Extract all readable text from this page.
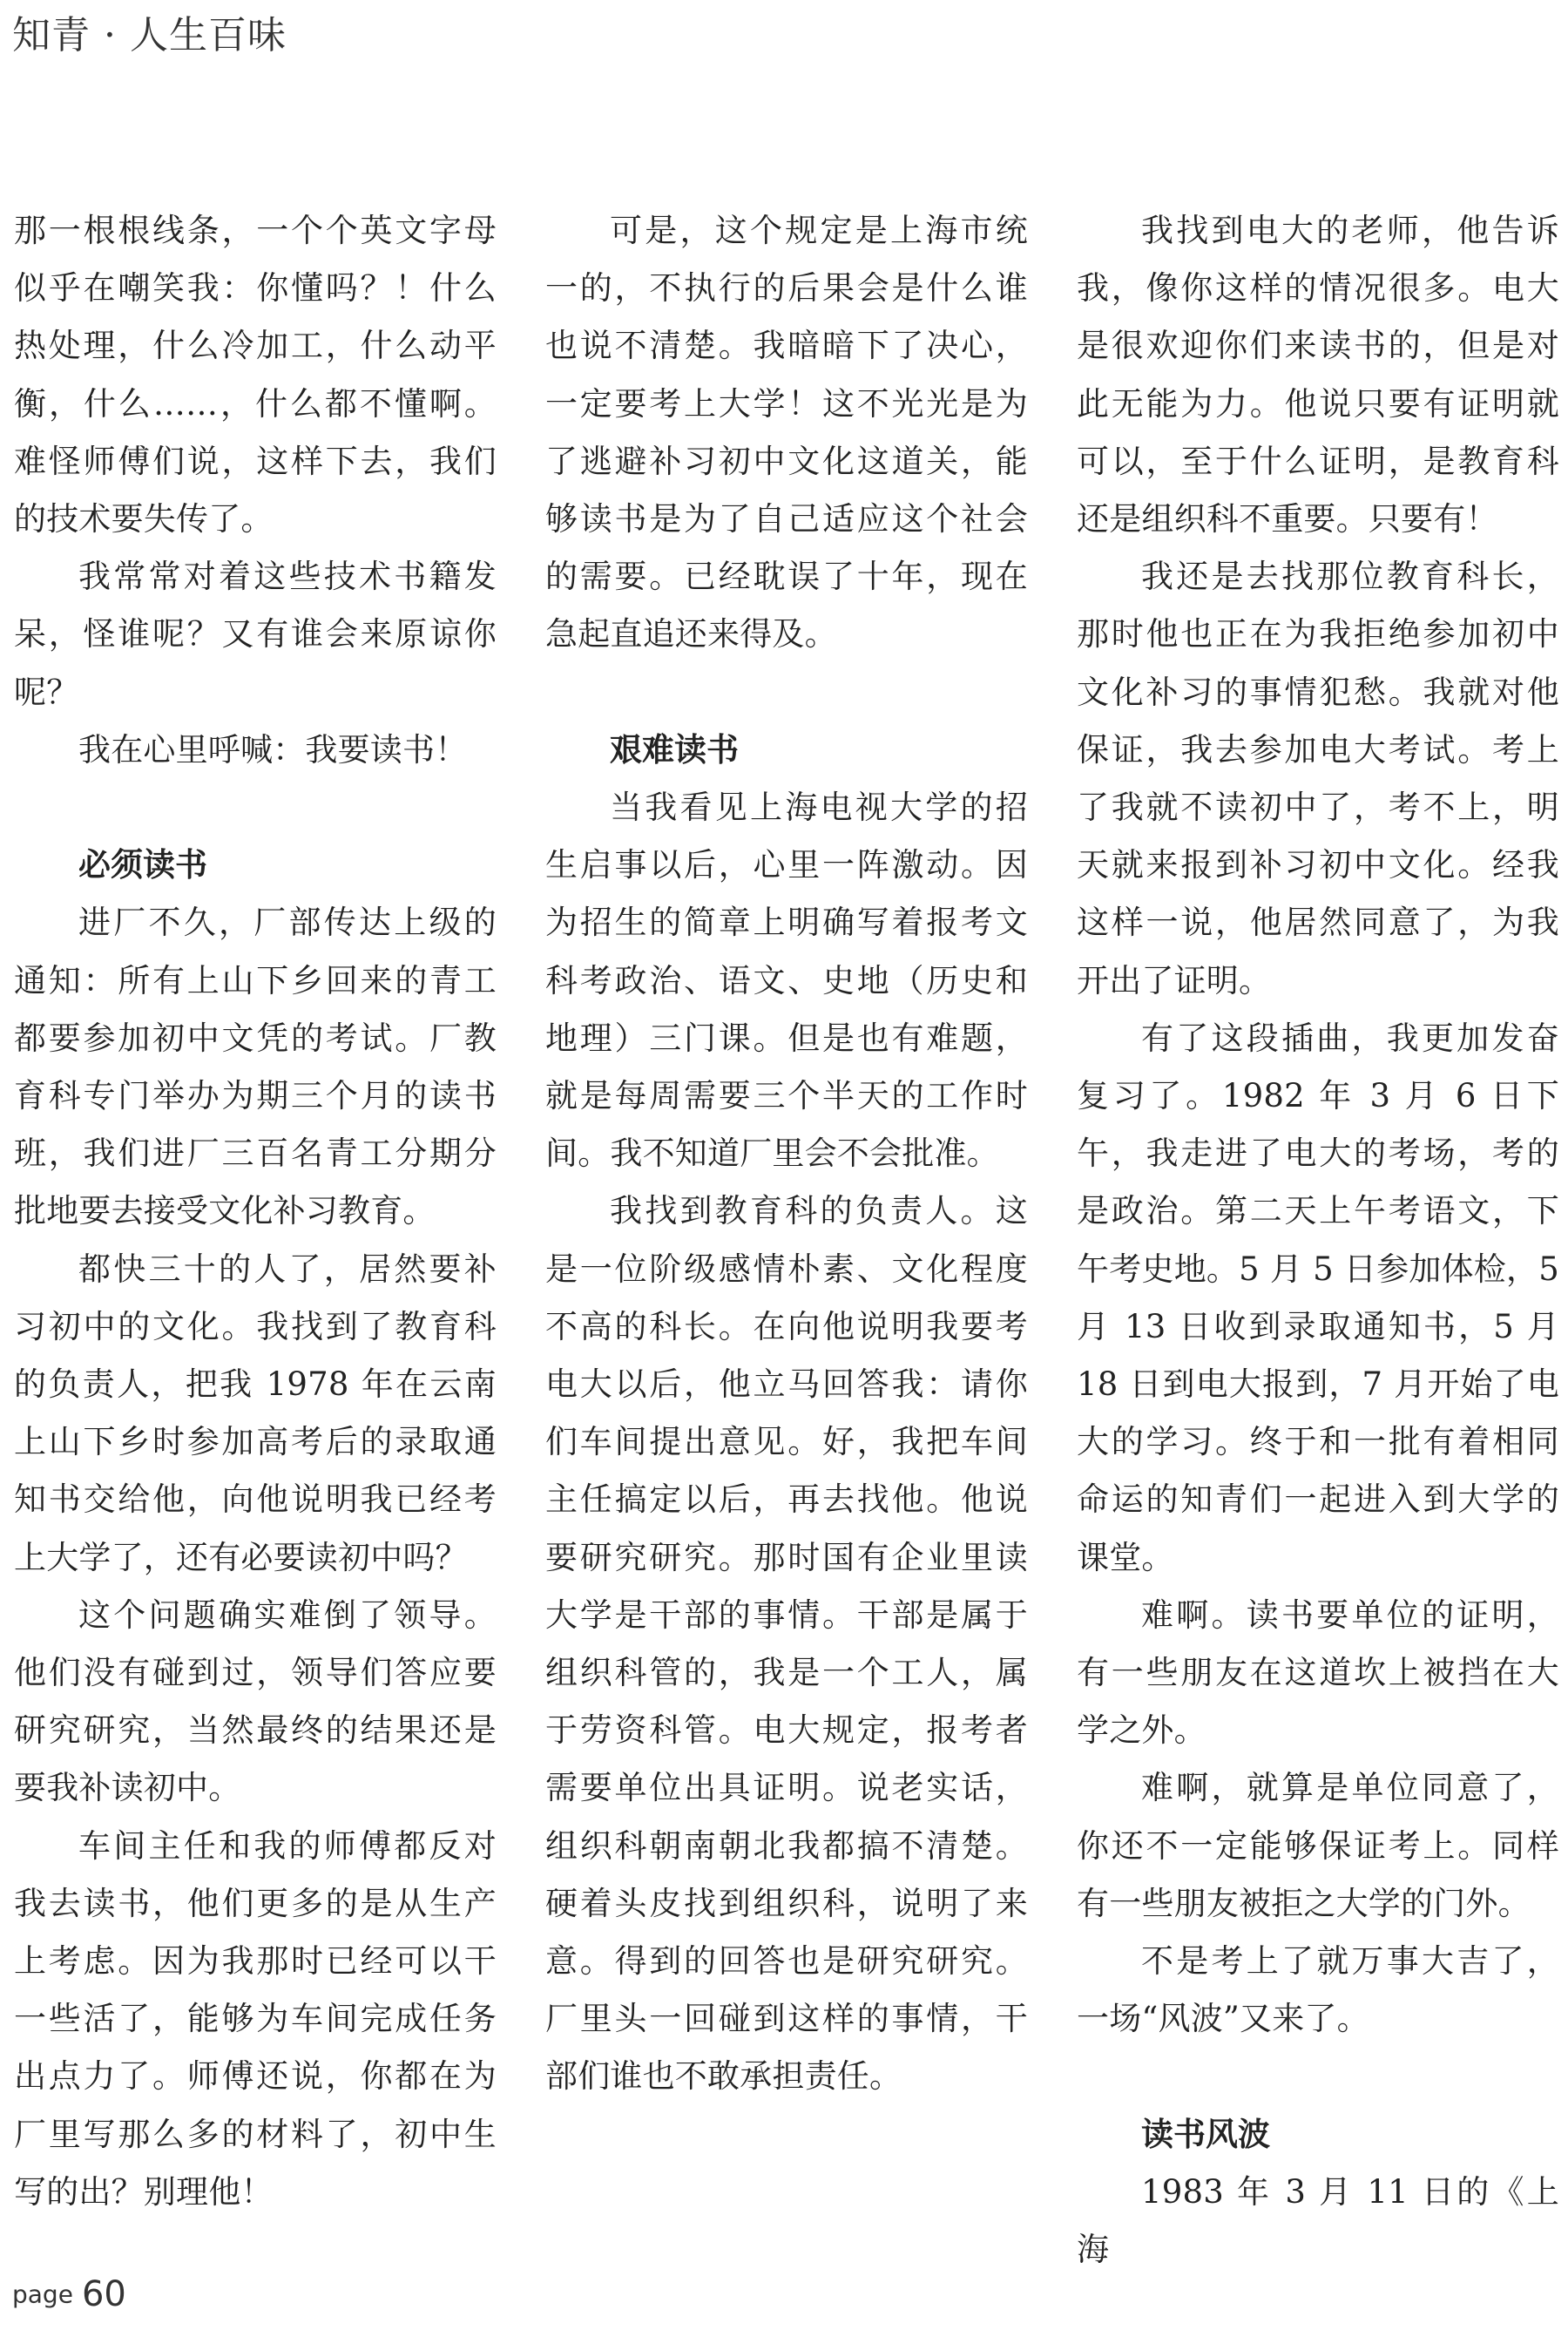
知青 · 人生百味

那一根根线条，一个个英文字母似乎在嘲笑我：你懂吗？！什么热处理，什么冷加工，什么动平衡，什么……，什么都不懂啊。难怪师傅们说，这样下去，我们的技术要失传了。

我常常对着这些技术书籍发呆，怪谁呢？又有谁会来原谅你呢？

我在心里呼喊：我要读书！

必须读书

进厂不久，厂部传达上级的通知：所有上山下乡回来的青工都要参加初中文凭的考试。厂教育科专门举办为期三个月的读书班，我们进厂三百名青工分期分批地要去接受文化补习教育。

都快三十的人了，居然要补习初中的文化。我找到了教育科的负责人，把我 1978 年在云南上山下乡时参加高考后的录取通知书交给他，向他说明我已经考上大学了，还有必要读初中吗？

这个问题确实难倒了领导。他们没有碰到过，领导们答应要研究研究，当然最终的结果还是要我补读初中。

车间主任和我的师傅都反对我去读书，他们更多的是从生产上考虑。因为我那时已经可以干一些活了，能够为车间完成任务出点力了。师傅还说，你都在为厂里写那么多的材料了，初中生写的出？别理他！

可是，这个规定是上海市统一的，不执行的后果会是什么谁也说不清楚。我暗暗下了决心，一定要考上大学！这不光光是为了逃避补习初中文化这道关，能够读书是为了自己适应这个社会的需要。已经耽误了十年，现在急起直追还来得及。

艰难读书

当我看见上海电视大学的招生启事以后，心里一阵激动。因为招生的简章上明确写着报考文科考政治、语文、史地（历史和地理）三门课。但是也有难题，就是每周需要三个半天的工作时间。我不知道厂里会不会批准。

我找到教育科的负责人。这是一位阶级感情朴素、文化程度不高的科长。在向他说明我要考电大以后，他立马回答我：请你们车间提出意见。好，我把车间主任搞定以后，再去找他。他说要研究研究。那时国有企业里读大学是干部的事情。干部是属于组织科管的，我是一个工人，属于劳资科管。电大规定，报考者需要单位出具证明。说老实话，组织科朝南朝北我都搞不清楚。硬着头皮找到组织科，说明了来意。得到的回答也是研究研究。厂里头一回碰到这样的事情，干部们谁也不敢承担责任。

我找到电大的老师，他告诉我，像你这样的情况很多。电大是很欢迎你们来读书的，但是对此无能为力。他说只要有证明就可以，至于什么证明，是教育科还是组织科不重要。只要有！

我还是去找那位教育科长，那时他也正在为我拒绝参加初中文化补习的事情犯愁。我就对他保证，我去参加电大考试。考上了我就不读初中了，考不上，明天就来报到补习初中文化。经我这样一说，他居然同意了，为我开出了证明。

有了这段插曲，我更加发奋复习了。1982 年 3 月 6 日下午，我走进了电大的考场，考的是政治。第二天上午考语文，下午考史地。5 月 5 日参加体检，5 月 13 日收到录取通知书，5 月 18 日到电大报到，7 月开始了电大的学习。终于和一批有着相同命运的知青们一起进入到大学的课堂。

难啊。读书要单位的证明，有一些朋友在这道坎上被挡在大学之外。

难啊，就算是单位同意了，你还不一定能够保证考上。同样有一些朋友被拒之大学的门外。

不是考上了就万事大吉了，一场“风波”又来了。

读书风波

1983 年 3 月 11 日的《上海

page 60
